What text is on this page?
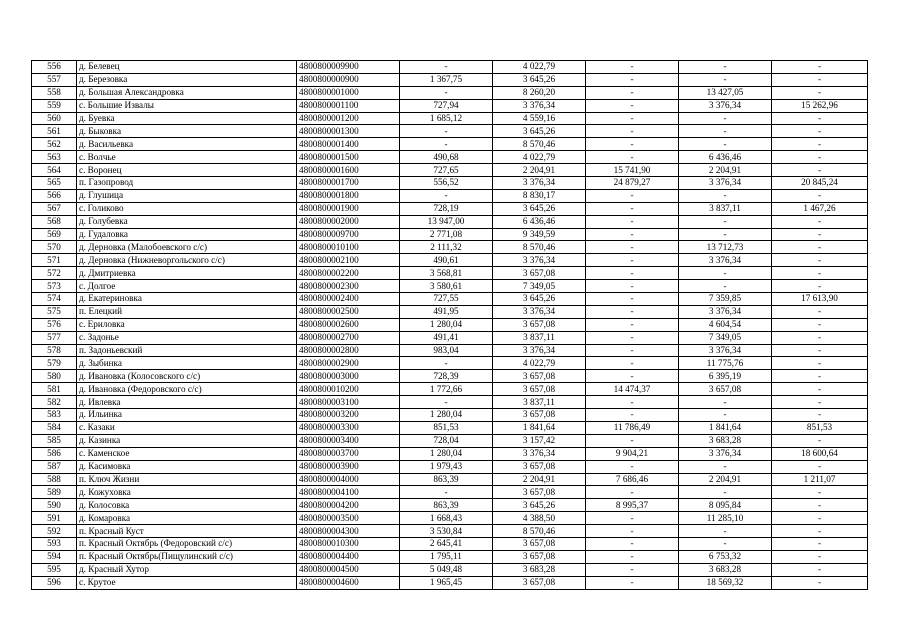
556	д. Белевец	4800800009900	-	4 022,79	-	-	-
557	д. Березовка	4800800000900	1 367,75	3 645,26	-	-	-
558	д. Большая Александровка	4800800001000	-	8 260,20	-	13 427,05	-
559	с. Большие Извалы	4800800001100	727,94	3 376,34	-	3 376,34	15 262,96
560	д. Буевка	4800800001200	1 685,12	4 559,16	-	-	-
561	д. Быковка	4800800001300	-	3 645,26	-	-	-
562	д. Васильевка	4800800001400	-	8 570,46	-	-	-
563	с. Волчье	4800800001500	490,68	4 022,79	-	6 436,46	-
564	с. Воронец	4800800001600	727,65	2 204,91	15 741,90	2 204,91	-
565	п. Газопровод	4800800001700	556,52	3 376,34	24 879,27	3 376,34	20 845,24
566	д. Глушица	4800800001800	-	8 830,17	-	-	-
567	с. Голиково	4800800001900	728,19	3 645,26	-	3 837,11	1 467,26
568	д. Голубевка	4800800002000	13 947,00	6 436,46	-	-	-
569	д. Гудаловка	4800800009700	2 771,08	9 349,59	-	-	-
570	д. Дерновка (Малобоевского с/с)	4800800010100	2 111,32	8 570,46	-	13 712,73	-
571	д. Дерновка (Нижневоргольского с/с)	4800800002100	490,61	3 376,34	-	3 376,34	-
572	д. Дмитриевка	4800800002200	3 568,81	3 657,08	-	-	-
573	с. Долгое	4800800002300	3 580,61	7 349,05	-	-	-
574	д. Екатериновка	4800800002400	727,55	3 645,26	-	7 359,85	17 613,90
575	п. Елецкий	4800800002500	491,95	3 376,34	-	3 376,34	-
576	с. Ериловка	4800800002600	1 280,04	3 657,08	-	4 604,54	-
577	с. Задонье	4800800002700	491,41	3 837,11	-	7 349,05	-
578	п. Задоньевский	4800800002800	983,04	3 376,34	-	3 376,34	-
579	д. Зыбинка	4800800002900	-	4 022,79	-	11 775,76	-
580	д. Ивановка (Колосовского с/с)	4800800003000	728,39	3 657,08	-	6 395,19	-
581	д. Ивановка (Федоровского с/с)	4800800010200	1 772,66	3 657,08	14 474,37	3 657,08	-
582	д. Ивлевка	4800800003100	-	3 837,11	-	-	-
583	д. Ильинка	4800800003200	1 280,04	3 657,08	-	-	-
584	с. Казаки	4800800003300	851,53	1 841,64	11 786,49	1 841,64	851,53
585	д. Казинка	4800800003400	728,04	3 157,42	-	3 683,28	-
586	с. Каменское	4800800003700	1 280,04	3 376,34	9 904,21	3 376,34	18 600,64
587	д. Касимовка	4800800003900	1 979,43	3 657,08	-	-	-
588	п. Ключ Жизни	4800800004000	863,39	2 204,91	7 686,46	2 204,91	1 211,07
589	д. Кожуховка	4800800004100	-	3 657,08	-	-	-
590	д. Колосовка	4800800004200	863,39	3 645,26	8 995,37	8 095,84	-
591	д. Комаровка	4800800003500	1 668,43	4 388,50	-	11 285,10	-
592	п. Красный Куст	4800800004300	3 530,84	8 570,46	-	-	-
593	п. Красный Октябрь (Федоровский с/с)	4800800010300	2 645,41	3 657,08	-	-	-
594	п. Красный Октябрь(Пищулинский с/с)	4800800004400	1 795,11	3 657,08	-	6 753,32	-
595	д. Красный Хутор	4800800004500	5 049,48	3 683,28	-	3 683,28	-
596	с. Крутое	4800800004600	1 965,45	3 657,08	-	18 569,32	-
